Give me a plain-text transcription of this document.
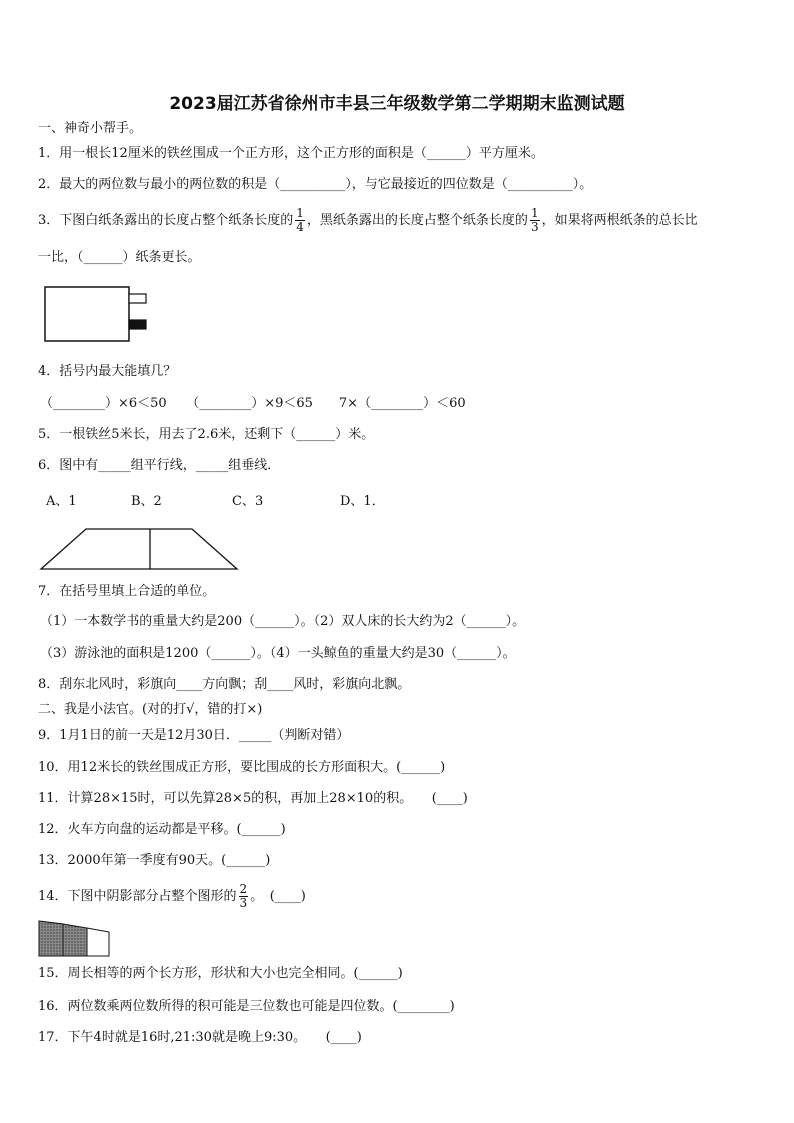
2023届江苏省徐州市丰县三年级数学第二学期期末监测试题
一、神奇小帮手。
1．用一根长12厘米的铁丝围成一个正方形，这个正方形的面积是（______）平方厘米。
2．最大的两位数与最小的两位数的积是（__________），与它最接近的四位数是（__________）。
3．下图白纸条露出的长度占整个纸条长度的 $\frac{1}{4}$ ，黑纸条露出的长度占整个纸条长度的 $\frac{1}{3}$ ，如果将两根纸条的总长比
一比，（______）纸条更长。
4．括号内最大能填几？
（________）×6＜50　　（________）×9＜65　　7×（________）＜60
5．一根铁丝5米长，用去了2.6米，还剩下（______）米。
6．图中有_____组平行线，_____组垂线．
A、1	B、2	C、3	D、1．
7．在括号里填上合适的单位。
（1）一本数学书的重量大约是200（______）。（2）双人床的长大约为2（______）。
（3）游泳池的面积是1200（______）。（4）一头鲸鱼的重量大约是30（______）。
8．刮东北风时，彩旗向____方向飘；刮____风时，彩旗向北飘。
二、我是小法官。(对的打√，错的打×)
9．1月1日的前一天是12月30日．_____（判断对错）
10．用12米长的铁丝围成正方形，要比围成的长方形面积大。(______)
11．计算28×15时，可以先算28×5的积，再加上28×10的积。　　(____)
12．火车方向盘的运动都是平移。(______)
13．2000年第一季度有90天。(______)
14．下图中阴影部分占整个图形的 $\frac{2}{3}$ 。　(____)
15．周长相等的两个长方形，形状和大小也完全相同。(______)
16．两位数乘两位数所得的积可能是三位数也可能是四位数。(________)
17．下午4时就是16时,21:30就是晚上9:30。　　(____)
